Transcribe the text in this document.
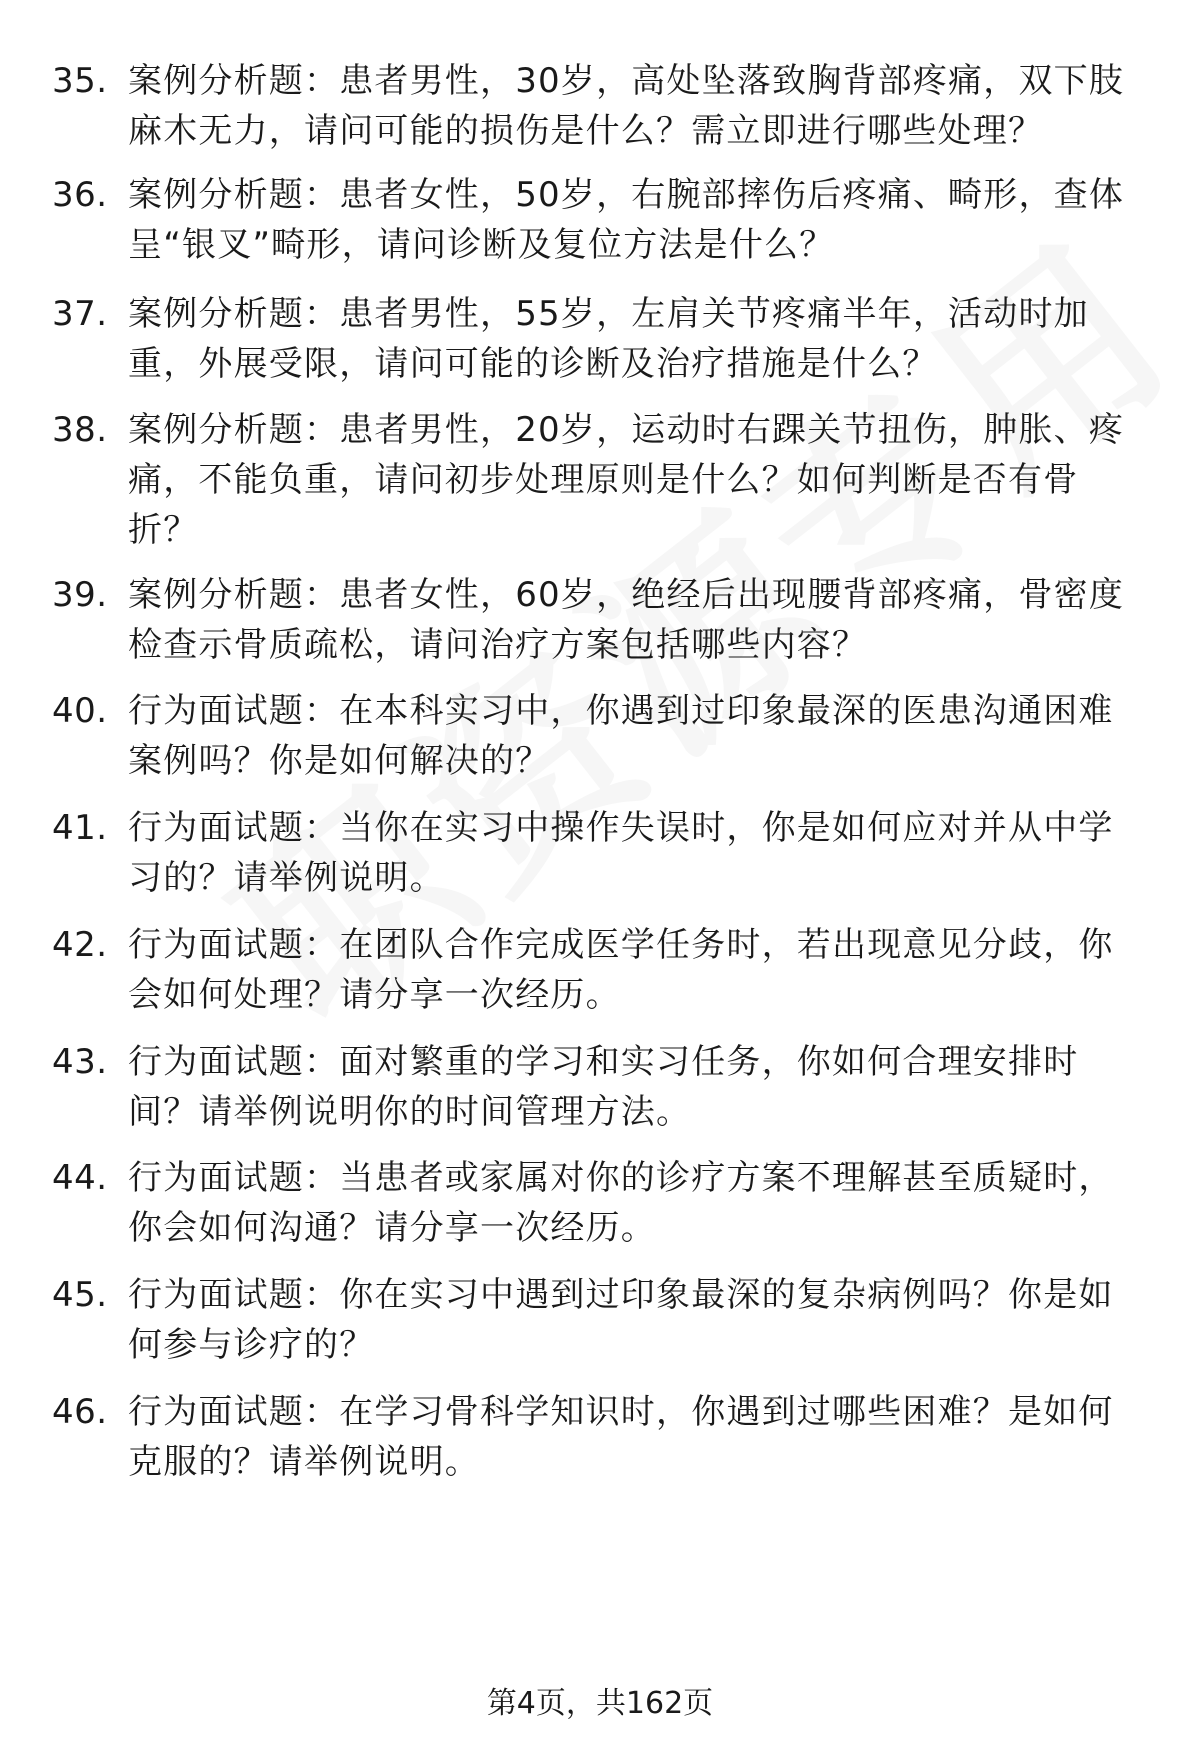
35. 案例分析题：患者男性，30岁，高处坠落致胸背部疼痛，双下肢麻木无力，请问可能的损伤是什么？需立即进行哪些处理？
36. 案例分析题：患者女性，50岁，右腕部摔伤后疼痛、畸形，查体呈“银叉”畸形，请问诊断及复位方法是什么？
37. 案例分析题：患者男性，55岁，左肩关节疼痛半年，活动时加重，外展受限，请问可能的诊断及治疗措施是什么？
38. 案例分析题：患者男性，20岁，运动时右踝关节扭伤，肿胀、疼痛，不能负重，请问初步处理原则是什么？如何判断是否有骨折？
39. 案例分析题：患者女性，60岁，绝经后出现腰背部疼痛，骨密度检查示骨质疏松，请问治疗方案包括哪些内容？
40. 行为面试题：在本科实习中，你遇到过印象最深的医患沟通困难案例吗？你是如何解决的？
41. 行为面试题：当你在实习中操作失误时，你是如何应对并从中学习的？请举例说明。
42. 行为面试题：在团队合作完成医学任务时，若出现意见分歧，你会如何处理？请分享一次经历。
43. 行为面试题：面对繁重的学习和实习任务，你如何合理安排时间？请举例说明你的时间管理方法。
44. 行为面试题：当患者或家属对你的诊疗方案不理解甚至质疑时，你会如何沟通？请分享一次经历。
45. 行为面试题：你在实习中遇到过印象最深的复杂病例吗？你是如何参与诊疗的？
46. 行为面试题：在学习骨科学知识时，你遇到过哪些困难？是如何克服的？请举例说明。
第4页，共162页
